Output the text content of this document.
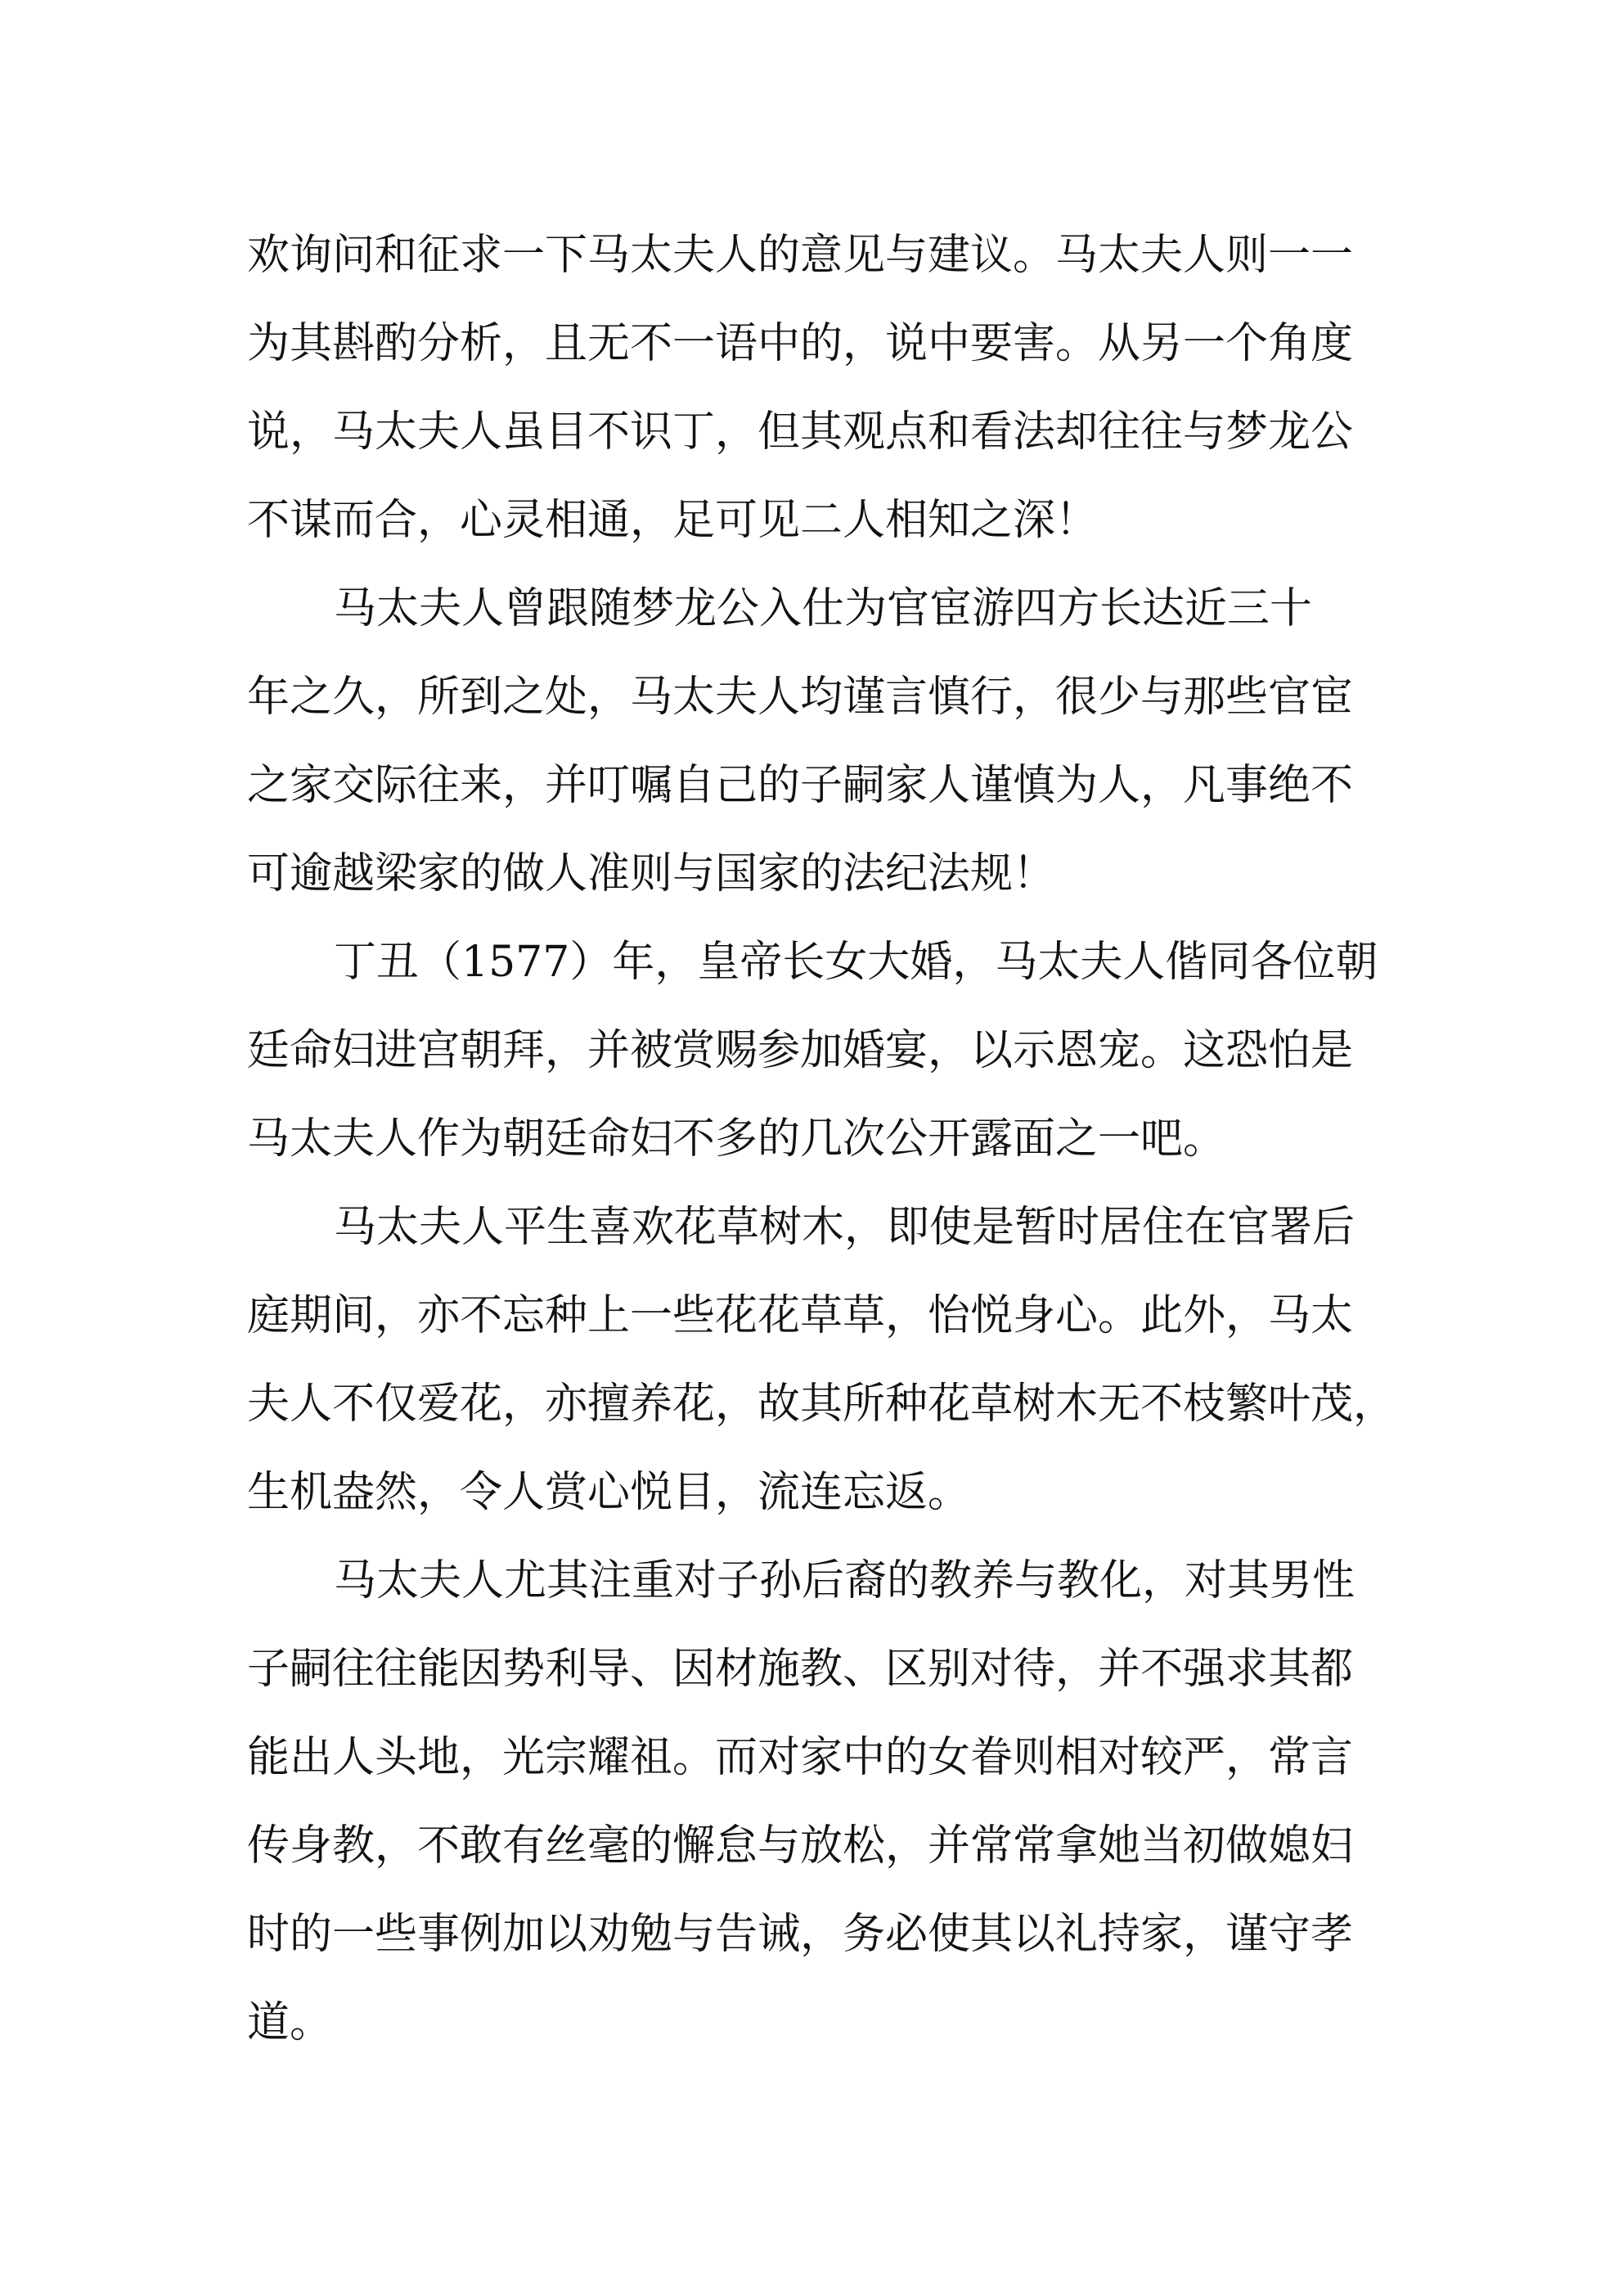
欢询问和征求一下马太夫人的意见与建议。马太夫人则一一
为其斟酌分析，且无不一语中的，说中要害。从另一个角度
说，马太夫人虽目不识丁，但其观点和看法却往往与梦龙公
不谋而合，心灵相通，足可见二人相知之深！
马太夫人曾跟随梦龙公入仕为官宦游四方长达近三十
年之久，所到之处，马太夫人均谨言慎行，很少与那些官宦
之家交际往来，并叮嘱自己的子嗣家人谨慎为人，凡事绝不
可逾越梁家的做人准则与国家的法纪法规！
丁丑（1577）年，皇帝长女大婚，马太夫人偕同各位朝
廷命妇进宫朝拜，并被赏赐参加婚宴，以示恩宠。这恐怕是
马太夫人作为朝廷命妇不多的几次公开露面之一吧。
马太夫人平生喜欢花草树木，即使是暂时居住在官署后
庭期间，亦不忘种上一些花花草草，怡悦身心。此外，马太
夫人不仅爱花，亦擅养花，故其所种花草树木无不枝繁叶茂，
生机盎然，令人赏心悦目，流连忘返。
马太夫人尤其注重对子孙后裔的教养与教化，对其男性
子嗣往往能因势利导、因材施教、区别对待，并不强求其都
能出人头地，光宗耀祖。而对家中的女眷则相对较严，常言
传身教，不敢有丝毫的懈怠与放松，并常常拿她当初做媳妇
时的一些事例加以劝勉与告诫，务必使其以礼持家，谨守孝
道。
